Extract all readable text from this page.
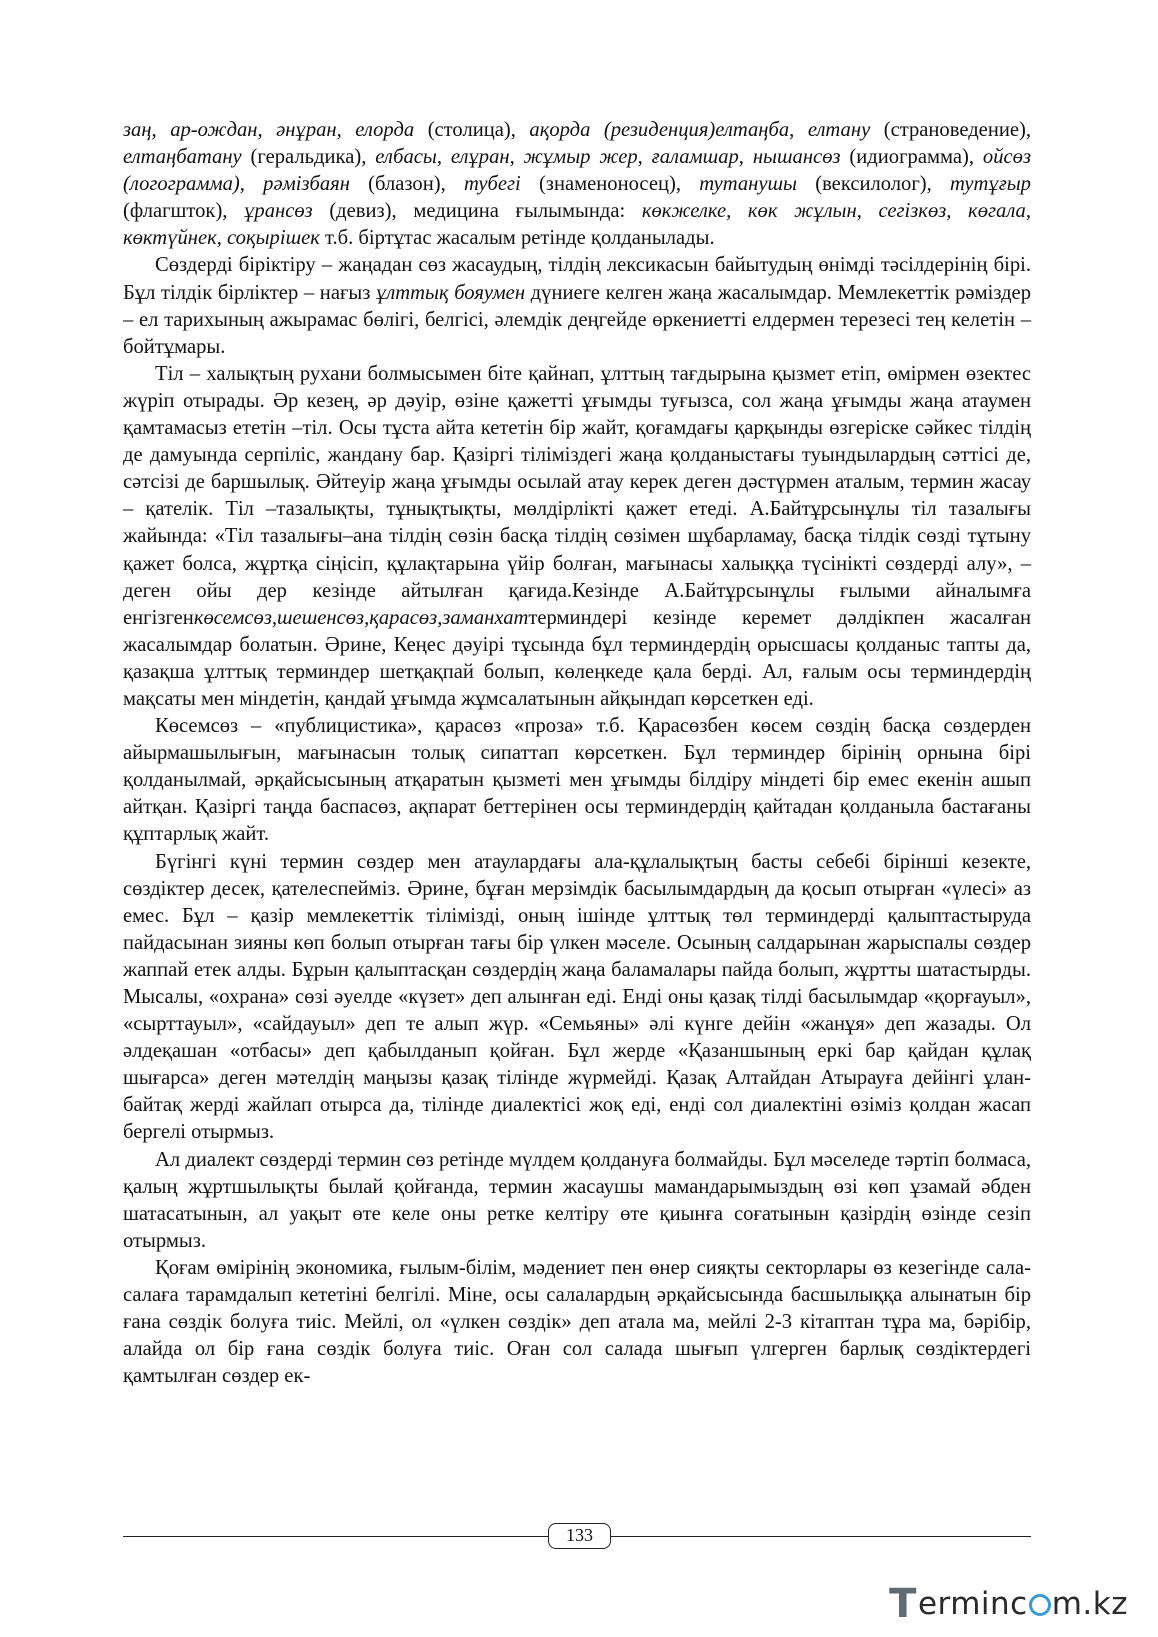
заң, ар-ождан, әнұран, елорда (столица), ақорда (резиденция)елтаңба, елтану (страноведение), елтаңбатану (геральдика), елбасы, елұран, жұмыр жер, ғаламшар, нышансөз (идиограмма), ойсөз (логограмма), рәмізбаян (блазон), тубегі (знаменоносец), тутанушы (вексилолог), тутұғыр (флагшток), ұрансөз (девиз), медицина ғылымында: көкжелке, көк жұлын, сегізкөз, көгала, көктүйнек, соқырішек т.б. біртұтас жасалым ретінде қолданылады.

Сөздерді біріктіру – жаңадан сөз жасаудың, тілдің лексикасын байытудың өнімді тәсілдерінің бірі. Бұл тілдік бірліктер – нағыз ұлттық бояумен дүниеге келген жаңа жасалымдар. Мемлекеттік рәміздер – ел тарихының ажырамас бөлігі, белгісі, әлемдік деңгейде өркениетті елдермен терезесі тең келетін – бойтұмары.

Тіл – халықтың рухани болмысымен біте қайнап, ұлттың тағдырына қызмет етіп, өмірмен өзектес жүріп отырады. Әр кезең, әр дәуір, өзіне қажетті ұғымды туғызса, сол жаңа ұғымды жаңа атаумен қамтамасыз ететін –тіл. Осы тұста айта кететін бір жайт, қоғамдағы қарқынды өзгеріске сәйкес тілдің де дамуында серпіліс, жандану бар. Қазіргі тіліміздегі жаңа қолданыстағы туындылардың сәттісі де, сәтсізі де баршылық. Әйтеуір жаңа ұғымды осылай атау керек деген дәстүрмен аталым, термин жасау – қателік. Тіл –тазалықты, тұнықтықты, мөлдірлікті қажет етеді. А.Байтұрсынұлы тіл тазалығы жайында: «Тіл тазалығы–ана тілдің сөзін басқа тілдің сөзімен шұбарламау, басқа тілдік сөзді тұтыну қажет болса, жұртқа сіңісіп, құлақтарына үйір болған, мағынасы халыққа түсінікті сөздерді алу», – деген ойы дер кезінде айтылған қағида.Кезінде А.Байтұрсынұлы ғылыми айналымға енгізгенкөсемсөз,шешенсөз,қарасөз,заманхаттерминдері кезінде керемет дәлдікпен жасалған жасалымдар болатын. Әрине, Кеңес дәуірі тұсында бұл терминдердің орысшасы қолданыс тапты да, қазақша ұлттық терминдер шетқақпай болып, көлеңкеде қала берді. Ал, ғалым осы терминдердің мақсаты мен міндетін, қандай ұғымда жұмсалатынын айқындап көрсеткен еді.

Көсемсөз – «публицистика», қарасөз «проза» т.б. Қарасөзбен көсем сөздің басқа сөздерден айырмашылығын, мағынасын толық сипаттап көрсеткен. Бұл терминдер бірінің орнына бірі қолданылмай, әрқайсысының атқаратын қызметі мен ұғымды білдіру міндеті бір емес екенін ашып айтқан. Қазіргі таңда баспасөз, ақпарат беттерінен осы терминдердің қайтадан қолданыла бастағаны құптарлық жайт.

Бүгінгі күні термин сөздер мен атаулардағы ала-құлалықтың басты себебі бірінші кезекте, сөздіктер десек, қателеспейміз. Әрине, бұған мерзімдік басылымдардың да қосып отырған «үлесі» аз емес. Бұл – қазір мемлекеттік тілімізді, оның ішінде ұлттық төл терминдерді қалыптастыруда пайдасынан зияны көп болып отырған тағы бір үлкен мәселе. Осының салдарынан жарыспалы сөздер жаппай етек алды. Бұрын қалыптасқан сөздердің жаңа баламалары пайда болып, жұртты шатастырды. Мысалы, «охрана» сөзі әуелде «күзет» деп алынған еді. Енді оны қазақ тілді басылымдар «қорғауыл», «сырттауыл», «сайдауыл» деп те алып жүр. «Семьяны» әлі күнге дейін «жанұя» деп жазады. Ол әлдеқашан «отбасы» деп қабылданып қойған. Бұл жерде «Қазаншының еркі бар қайдан құлақ шығарса» деген мәтелдің маңызы қазақ тілінде жүрмейді. Қазақ Алтайдан Атырауға дейінгі ұлан-байтақ жерді жайлап отырса да, тілінде диалектісі жоқ еді, енді сол диалектіні өзіміз қолдан жасап бергелі отырмыз.

Ал диалект сөздерді термин сөз ретінде мүлдем қолдануға болмайды. Бұл мәселеде тәртіп болмаса, қалың жұртшылықты былай қойғанда, термин жасаушы мамандарымыздың өзі көп ұзамай әбден шатасатынын, ал уақыт өте келе оны ретке келтіру өте қиынға соғатынын қазірдің өзінде сезіп отырмыз.

Қоғам өмірінің экономика, ғылым-білім, мәдениет пен өнер сияқты секторлары өз кезегінде сала-салаға тарамдалып кететіні белгілі. Міне, осы салалардың әрқайсысында басшылыққа алынатын бір ғана сөздік болуға тиіс. Мейлі, ол «үлкен сөздік» деп атала ма, мейлі 2-3 кітаптан тұра ма, бәрібір, алайда ол бір ғана сөздік болуға тиіс. Оған сол салада шығып үлгерген барлық сөздіктердегі қамтылған сөздер ек-

133
T erminc m.kz
